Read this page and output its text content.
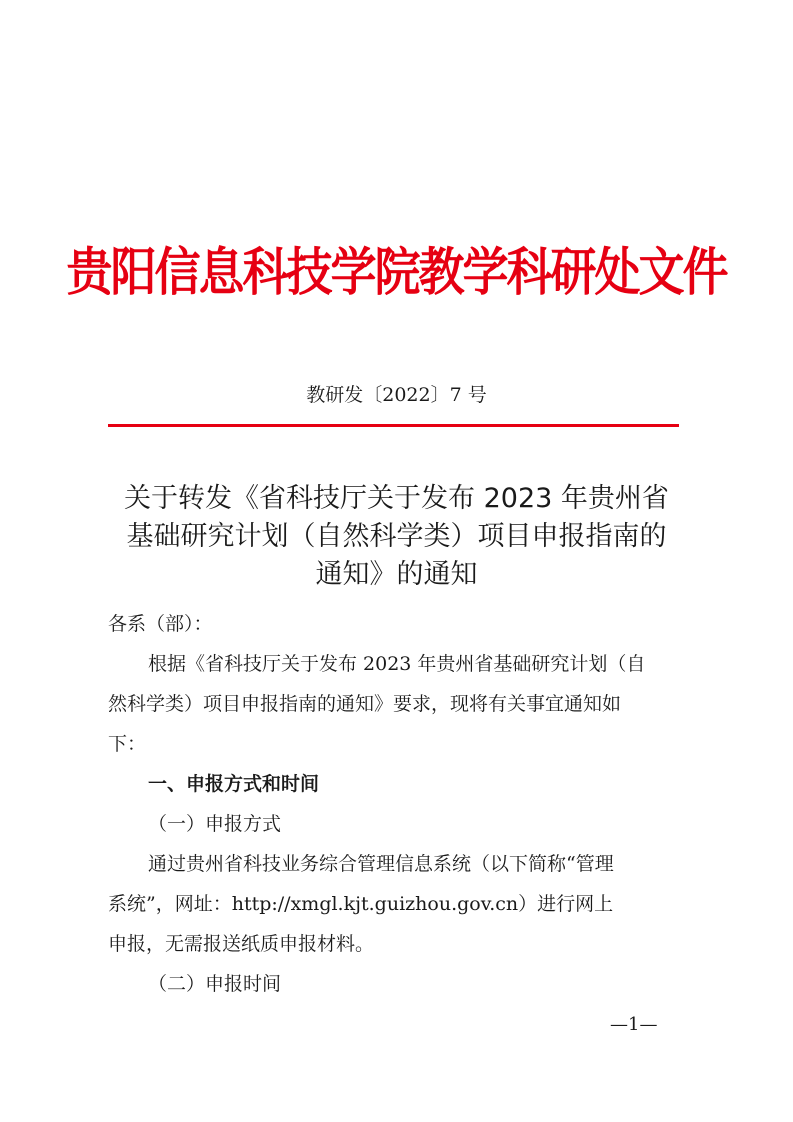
贵阳信息科技学院教学科研处文件
教研发〔2022〕7 号
关于转发《省科技厅关于发布 2023 年贵州省
基础研究计划（自然科学类）项目申报指南的
通知》的通知
各系（部）：
根据《省科技厅关于发布 2023 年贵州省基础研究计划（自
然科学类）项目申报指南的通知》要求，现将有关事宜通知如
下：
一、申报方式和时间
（一）申报方式
通过贵州省科技业务综合管理信息系统（以下简称“管理
系统”，网址：http://xmgl.kjt.guizhou.gov.cn）进行网上
申报，无需报送纸质申报材料。
（二）申报时间
—1—
